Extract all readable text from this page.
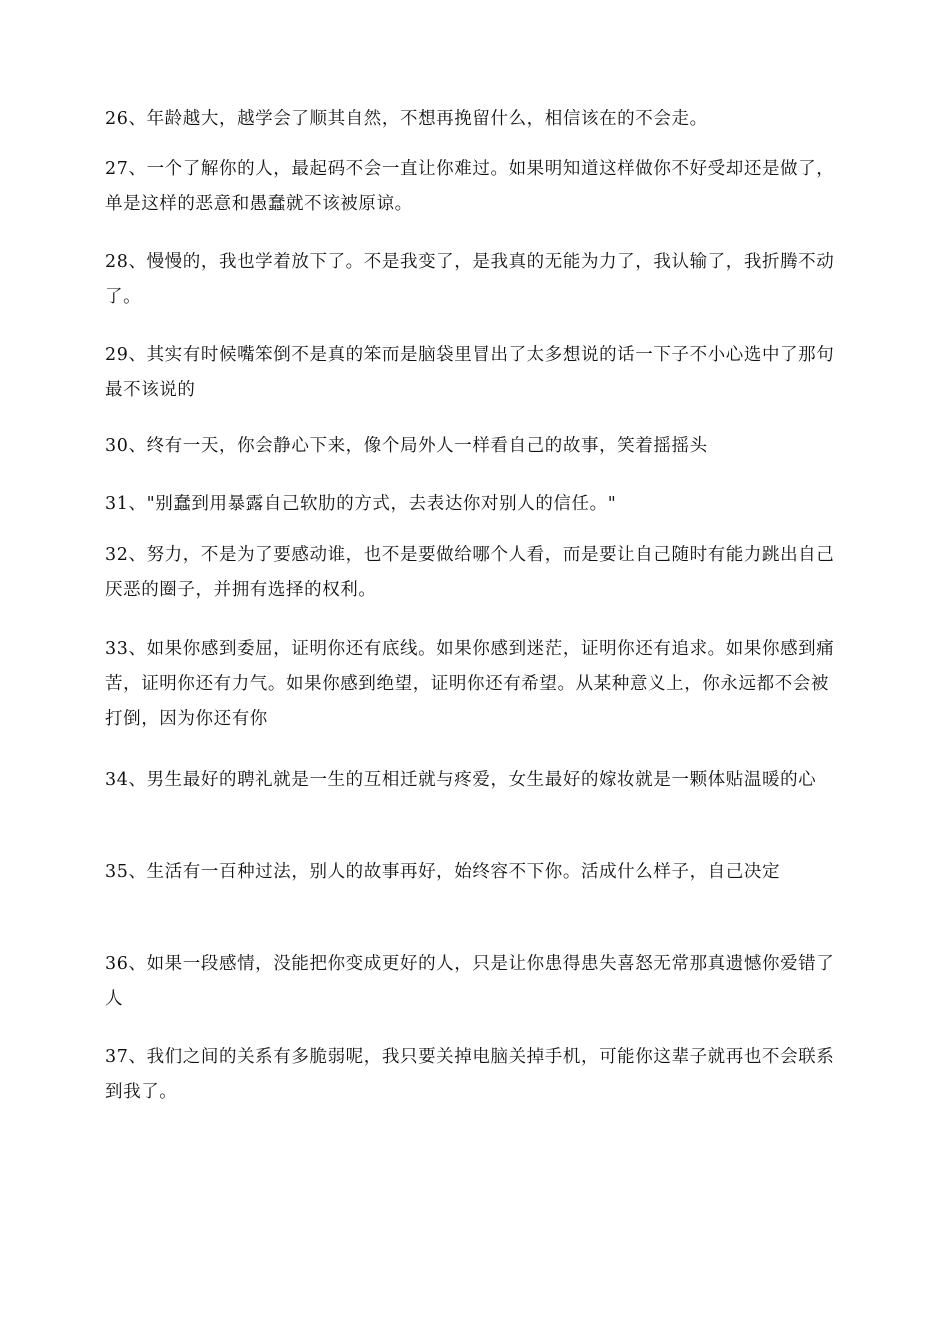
26、年龄越大，越学会了顺其自然，不想再挽留什么，相信该在的不会走。

27、一个了解你的人，最起码不会一直让你难过。如果明知道这样做你不好受却还是做了，单是这样的恶意和愚蠢就不该被原谅。

28、慢慢的，我也学着放下了。不是我变了，是我真的无能为力了，我认输了，我折腾不动了。

29、其实有时候嘴笨倒不是真的笨而是脑袋里冒出了太多想说的话一下子不小心选中了那句最不该说的

30、终有一天，你会静心下来，像个局外人一样看自己的故事，笑着摇摇头

31、"别蠢到用暴露自己软肋的方式，去表达你对别人的信任。"

32、努力，不是为了要感动谁，也不是要做给哪个人看，而是要让自己随时有能力跳出自己厌恶的圈子，并拥有选择的权利。

33、如果你感到委屈，证明你还有底线。如果你感到迷茫，证明你还有追求。如果你感到痛苦，证明你还有力气。如果你感到绝望，证明你还有希望。从某种意义上，你永远都不会被打倒，因为你还有你

34、男生最好的聘礼就是一生的互相迁就与疼爱，女生最好的嫁妆就是一颗体贴温暖的心

35、生活有一百种过法，别人的故事再好，始终容不下你。活成什么样子，自己决定

36、如果一段感情，没能把你变成更好的人，只是让你患得患失喜怒无常那真遗憾你爱错了人

37、我们之间的关系有多脆弱呢，我只要关掉电脑关掉手机，可能你这辈子就再也不会联系到我了。
